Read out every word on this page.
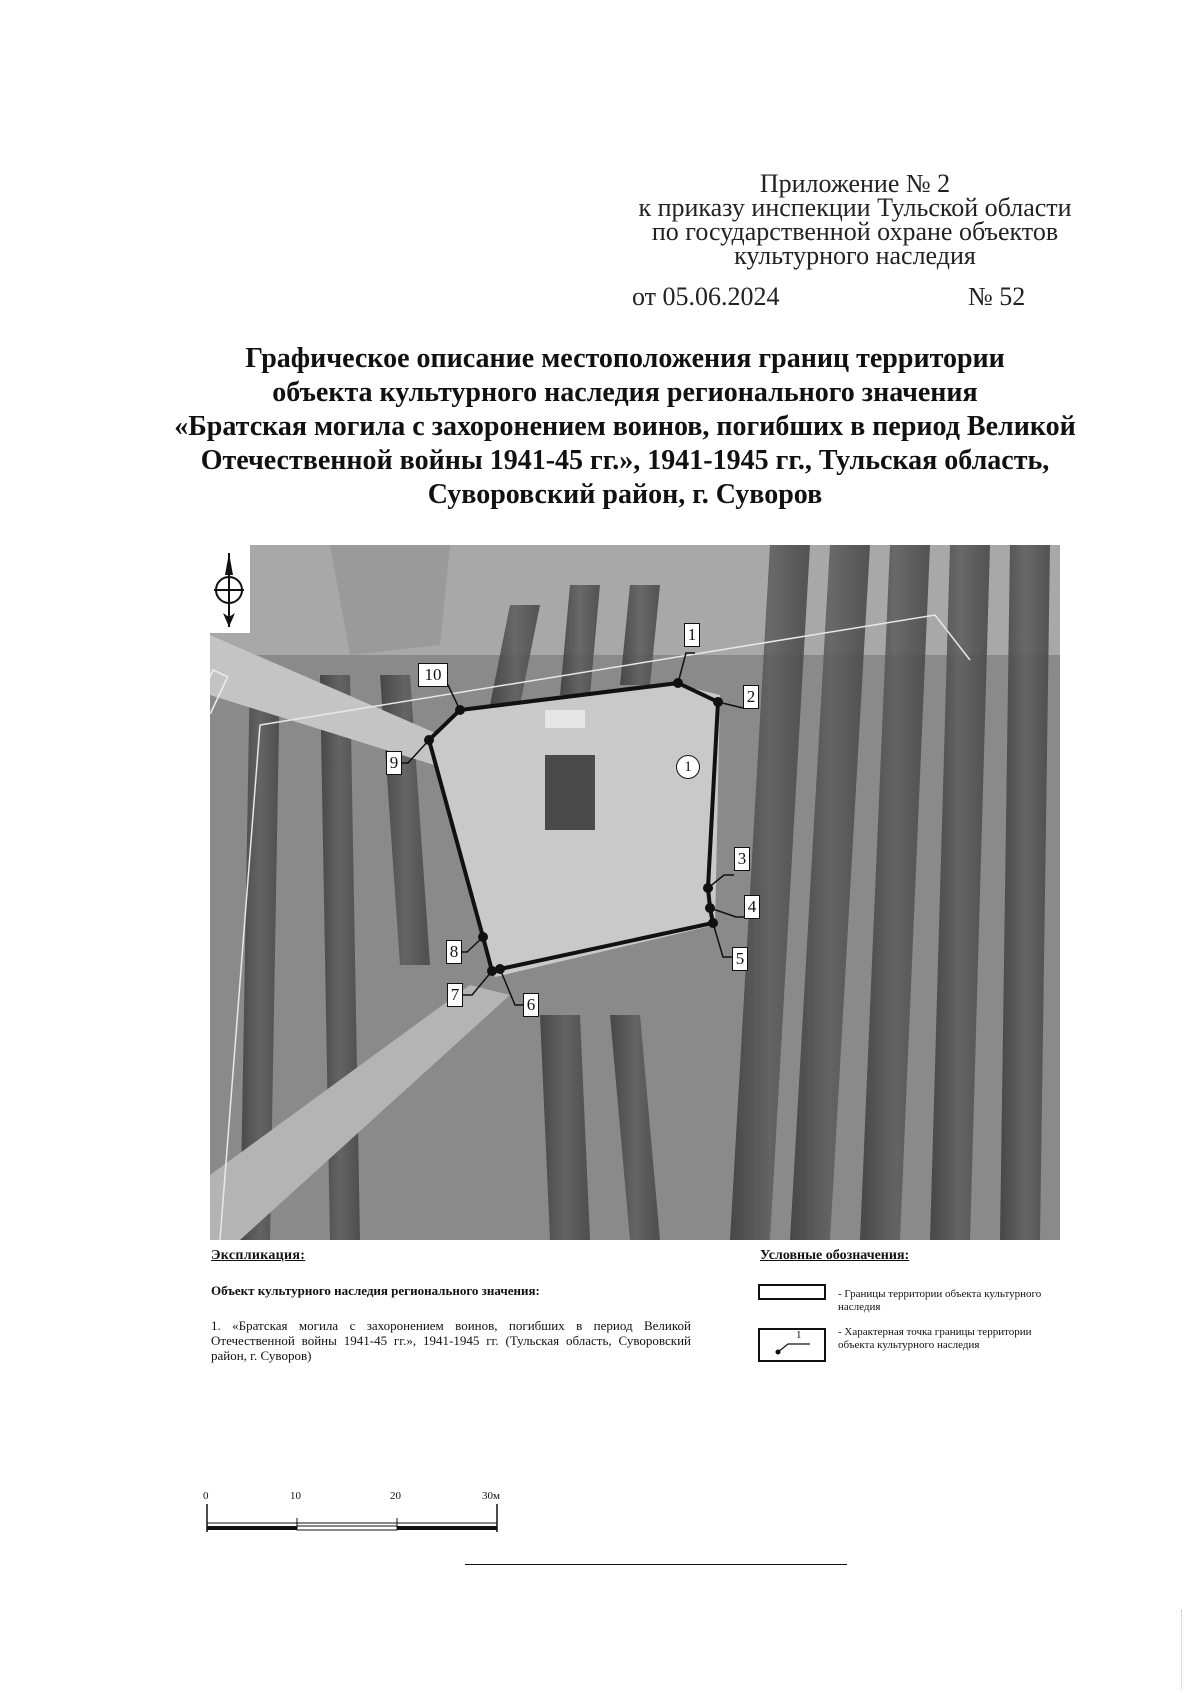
Приложение № 2
к приказу инспекции Тульской области
по государственной охране объектов
культурного наследия
от 05.06.2024	№ 52
Графическое описание местоположения границ территории
объекта культурного наследия регионального значения
«Братская могила с захоронением воинов, погибших в период Великой
Отечественной войны 1941-45 гг.», 1941-1945 гг., Тульская область,
Суворовский район, г. Суворов
1
2
3
4
5
6
7
8
9
10
1
Экспликация:
Объект культурного наследия регионального значения:
1. «Братская могила с захоронением воинов, погибших в период Великой Отечественной войны 1941-45 гг.», 1941-1945 гг. (Тульская область, Суворовский район, г. Суворов)
Условные обозначения:
- Границы территории объекта культурного наследия
1	- Характерная точка границы территории объекта культурного наследия
0	10	20	30м
